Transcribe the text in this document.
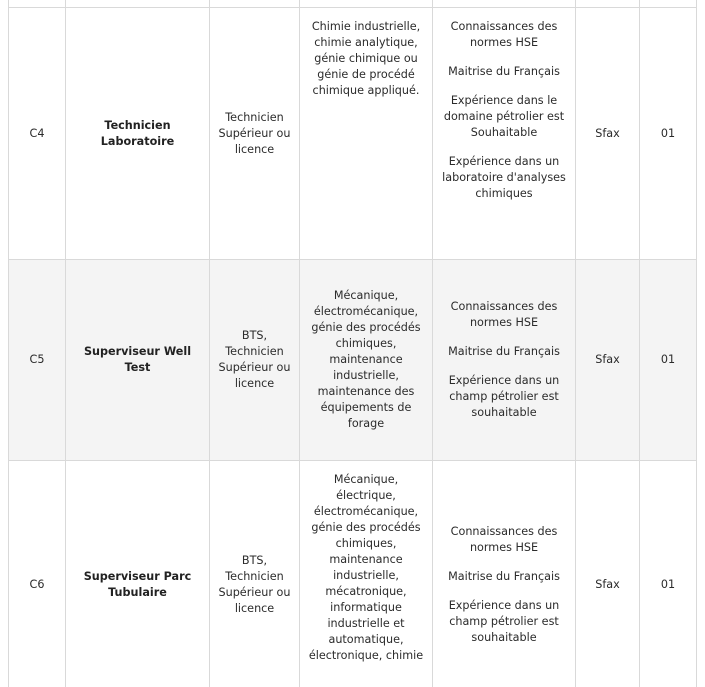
C4	Technicien Laboratoire	Technicien Supérieur ou licence	Chimie industrielle, chimie analytique, génie chimique ou génie de procédé chimique appliqué.	Connaissances des normes HSE

Maitrise du Français

Expérience dans le domaine pétrolier est Souhaitable

Expérience dans un laboratoire d'analyses chimiques	Sfax	01
C5	Superviseur Well Test	BTS, Technicien Supérieur ou licence	Mécanique, électromécanique, génie des procédés chimiques, maintenance industrielle, maintenance des équipements de forage	Connaissances des normes HSE

Maitrise du Français

Expérience dans un champ pétrolier est souhaitable	Sfax	01
C6	Superviseur Parc Tubulaire	BTS, Technicien Supérieur ou licence	Mécanique, électrique, électromécanique, génie des procédés chimiques, maintenance industrielle, mécatronique, informatique industrielle et automatique, électronique, chimie	Connaissances des normes HSE

Maitrise du Français

Expérience dans un champ pétrolier est souhaitable	Sfax	01
